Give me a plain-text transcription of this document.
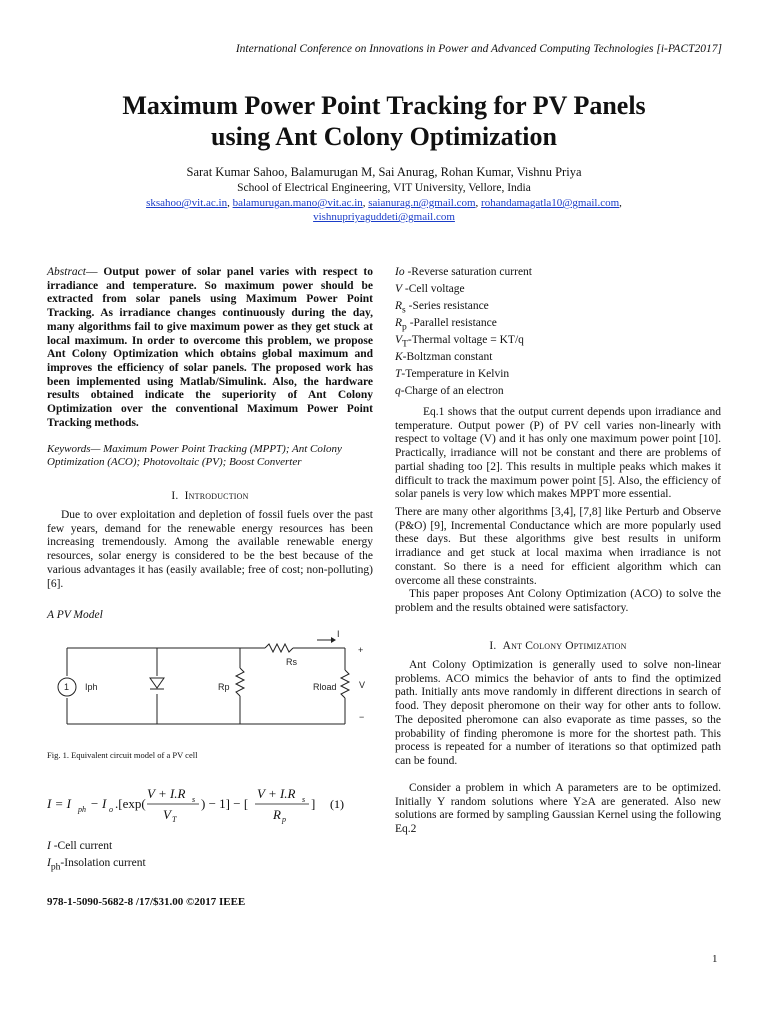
International Conference on Innovations in Power and Advanced Computing Technologies [i-PACT2017]
Maximum Power Point Tracking for PV Panels
using Ant Colony Optimization
Sarat Kumar Sahoo, Balamurugan M, Sai Anurag, Rohan Kumar, Vishnu Priya
School of Electrical Engineering, VIT University, Vellore, India
sksahoo@vit.ac.in, balamurugan.mano@vit.ac.in, saianurag.n@gmail.com, rohandamagatla10@gmail.com,
vishnupriyaguddeti@gmail.com
Abstract— Output power of solar panel varies with respect to irradiance and temperature. So maximum power should be extracted from solar panels using Maximum Power Point Tracking. As irradiance changes continuously during the day, many algorithms fail to give maximum power as they get stuck at local maximum. In order to overcome this problem, we propose Ant Colony Optimization which obtains global maximum and improves the efficiency of solar panels. The proposed work has been implemented using Matlab/Simulink. Also, the hardware results obtained indicate the superiority of Ant Colony Optimization over the conventional Maximum Power Point Tracking methods.
Keywords— Maximum Power Point Tracking (MPPT); Ant Colony Optimization (ACO); Photovoltaic (PV); Boost Converter
I. Introduction
Due to over exploitation and depletion of fossil fuels over the past few years, demand for the renewable energy resources has been increasing tremendously. Among the available renewable energy resources, solar energy is considered to be the best because of the various advantages it has (easily available; free of cost; non-polluting) [6].
A PV Model
1 Iph	Rp
Rs
Rload
I
+
V
−
Fig. 1. Equivalent circuit model of a PV cell
I = I ph − I o .[exp(
V + I.R s
V T
) − 1] − [
V + I.R s
R p
] (1)
I -Cell current
$I_{ph}$-Insolation current
Io -Reverse saturation current
V -Cell voltage
$R_s$ -Series resistance
$R_p$ -Parallel resistance
$V_T$-Thermal voltage = KT/q
K-Boltzman constant
T-Temperature in Kelvin
q-Charge of an electron
Eq.1 shows that the output current depends upon irradiance and temperature. Output power (P) of PV cell varies non-linearly with respect to voltage (V) and it has only one maximum power point [10]. Practically, irradiance will not be constant and there are problems of partial shading too [2]. This results in multiple peaks which makes it difficult to track the maximum power point [5]. Also, the efficiency of solar panels is very low which makes MPPT more essential.
There are many other algorithms [3,4], [7,8] like Perturb and Observe (P&O) [9], Incremental Conductance which are more popularly used these days. But these algorithms give best results in uniform irradiance and get stuck at local maxima when irradiance is not constant. So there is a need for efficient algorithm which can overcome all these constraints.
This paper proposes Ant Colony Optimization (ACO) to solve the problem and the results obtained were satisfactory.
I. Ant Colony Optimization
Ant Colony Optimization is generally used to solve non-linear problems. ACO mimics the behavior of ants to find the optimized path. Initially ants move randomly in different directions in search of food. They deposit pheromone on their way for other ants to follow. The deposited pheromone can also evaporate as time passes, so the probability of finding pheromone is more for the shortest path. This process is repeated for a number of iterations so that optimized path can be found.
Consider a problem in which A parameters are to be optimized. Initially Y random solutions where Y≥A are generated. Also new solutions are formed by sampling Gaussian Kernel using the following Eq.2
978-1-5090-5682-8 /17/$31.00 ©2017 IEEE
1
